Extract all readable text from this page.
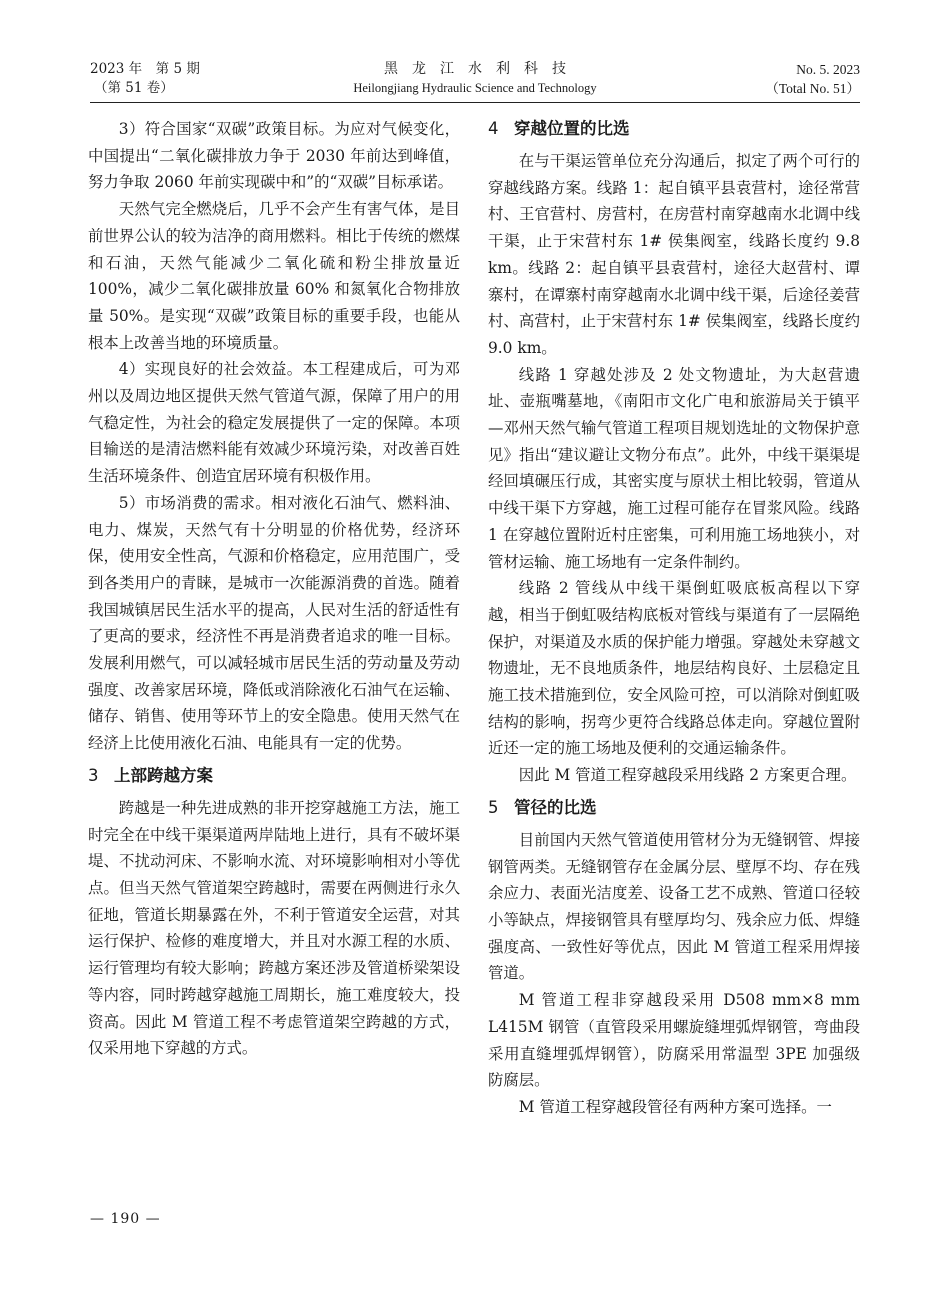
2023 年　第 5 期
（第 51 卷）
黑龙江水利科技
Heilongjiang Hydraulic Science and Technology
No. 5. 2023
（Total No. 51）

3）符合国家“双碳”政策目标。为应对气候变化，中国提出“二氧化碳排放力争于 2030 年前达到峰值，努力争取 2060 年前实现碳中和”的“双碳”目标承诺。

天然气完全燃烧后，几乎不会产生有害气体，是目前世界公认的较为洁净的商用燃料。相比于传统的燃煤和石油，天然气能减少二氧化硫和粉尘排放量近 100%，减少二氧化碳排放量 60% 和氮氧化合物排放量 50%。是实现“双碳”政策目标的重要手段，也能从根本上改善当地的环境质量。

4）实现良好的社会效益。本工程建成后，可为邓州以及周边地区提供天然气管道气源，保障了用户的用气稳定性，为社会的稳定发展提供了一定的保障。本项目输送的是清洁燃料能有效减少环境污染，对改善百姓生活环境条件、创造宜居环境有积极作用。

5）市场消费的需求。相对液化石油气、燃料油、电力、煤炭，天然气有十分明显的价格优势，经济环保，使用安全性高，气源和价格稳定，应用范围广，受到各类用户的青睐，是城市一次能源消费的首选。随着我国城镇居民生活水平的提高，人民对生活的舒适性有了更高的要求，经济性不再是消费者追求的唯一目标。发展利用燃气，可以减轻城市居民生活的劳动量及劳动强度、改善家居环境，降低或消除液化石油气在运输、储存、销售、使用等环节上的安全隐患。使用天然气在经济上比使用液化石油、电能具有一定的优势。

3 上部跨越方案

跨越是一种先进成熟的非开挖穿越施工方法，施工时完全在中线干渠渠道两岸陆地上进行，具有不破坏渠堤、不扰动河床、不影响水流、对环境影响相对小等优点。但当天然气管道架空跨越时，需要在两侧进行永久征地，管道长期暴露在外，不利于管道安全运营，对其运行保护、检修的难度增大，并且对水源工程的水质、运行管理均有较大影响；跨越方案还涉及管道桥梁架设等内容，同时跨越穿越施工周期长，施工难度较大，投资高。因此 M 管道工程不考虑管道架空跨越的方式，仅采用地下穿越的方式。

4 穿越位置的比选

在与干渠运管单位充分沟通后，拟定了两个可行的穿越线路方案。线路 1：起自镇平县袁营村，途径常营村、王官营村、房营村，在房营村南穿越南水北调中线干渠，止于宋营村东 1# 侯集阀室，线路长度约 9.8 km。线路 2：起自镇平县袁营村，途径大赵营村、谭寨村，在谭寨村南穿越南水北调中线干渠，后途径姜营村、高营村，止于宋营村东 1# 侯集阀室，线路长度约 9.0 km。

线路 1 穿越处涉及 2 处文物遗址，为大赵营遗址、壶瓶嘴墓地，《南阳市文化广电和旅游局关于镇平—邓州天然气输气管道工程项目规划选址的文物保护意见》指出“建议避让文物分布点”。此外，中线干渠渠堤经回填碾压行成，其密实度与原状土相比较弱，管道从中线干渠下方穿越，施工过程可能存在冒浆风险。线路 1 在穿越位置附近村庄密集，可利用施工场地狭小，对管材运输、施工场地有一定条件制约。

线路 2 管线从中线干渠倒虹吸底板高程以下穿越，相当于倒虹吸结构底板对管线与渠道有了一层隔绝保护，对渠道及水质的保护能力增强。穿越处未穿越文物遗址，无不良地质条件，地层结构良好、土层稳定且施工技术措施到位，安全风险可控，可以消除对倒虹吸结构的影响，拐弯少更符合线路总体走向。穿越位置附近还一定的施工场地及便利的交通运输条件。

因此 M 管道工程穿越段采用线路 2 方案更合理。

5 管径的比选

目前国内天然气管道使用管材分为无缝钢管、焊接钢管两类。无缝钢管存在金属分层、壁厚不均、存在残余应力、表面光洁度差、设备工艺不成熟、管道口径较小等缺点，焊接钢管具有壁厚均匀、残余应力低、焊缝强度高、一致性好等优点，因此 M 管道工程采用焊接管道。

M 管道工程非穿越段采用 D508 mm×8 mm L415M 钢管（直管段采用螺旋缝埋弧焊钢管，弯曲段采用直缝埋弧焊钢管），防腐采用常温型 3PE 加强级防腐层。

M 管道工程穿越段管径有两种方案可选择。一

— 190 —
